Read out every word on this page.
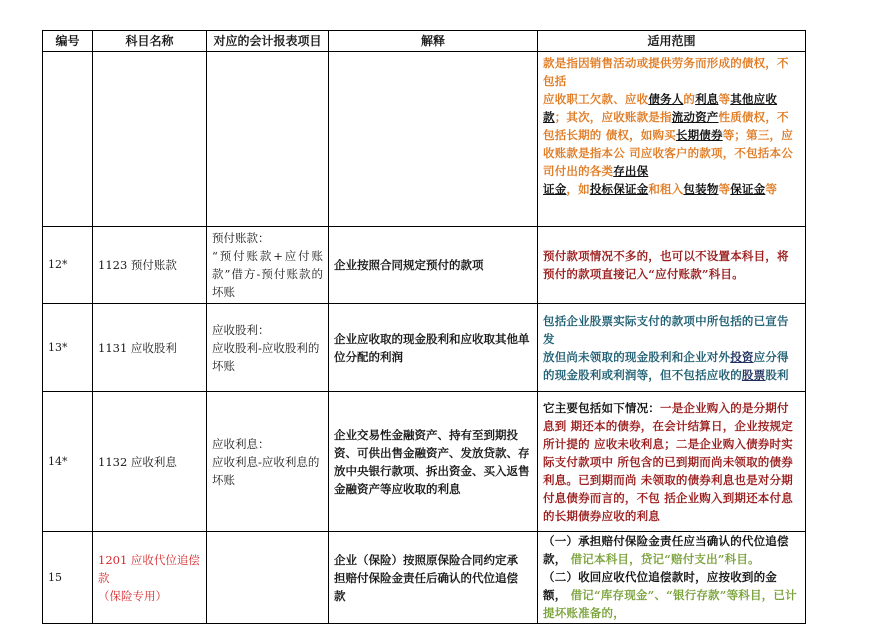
编号	科目名称	对应的会计报表项目	解释	适用范围
				款是指因销售活动或提供劳务而形成的债权，不包括
应收职工欠款、应收债务人的利息等其他应收款；其次，应收账款是指流动资产性质债权，不包括长期的 债权，如购买长期债券等；第三，应收账款是指本公 司应收客户的款项，不包括本公司付出的各类存出保
证金，如投标保证金和租入包装物等保证金等
12*	1123 预付账款	预付账款：
“预付账款+应付账款”借方-预付账款的坏账	企业按照合同规定预付的款项	预付款项情况不多的，也可以不设置本科目，将 预付的款项直接记入“应付账款”科目。
13*	1131 应收股利	应收股利：
应收股利-应收股利的 坏账	企业应收取的现金股利和应收取其他单位分配的利润	包括企业股票实际支付的款项中所包括的已宣告发
放但尚未领取的现金股利和企业对外投资应分得的现金股利或利润等，但不包括应收的股票股利
14*	1132 应收利息	应收利息：
应收利息-应收利息的 坏账	企业交易性金融资产、持有至到期投资、可供出售金融资产、发放贷款、存放中央银行款项、拆出资金、买入返售金融资产等应收取的利息	它主要包括如下情况：一是企业购入的是分期付息到 期还本的债券，在会计结算日，企业按规定所计提的 应收未收利息；二是企业购入债券时实际支付款项中 所包含的已到期而尚未领取的债券利息。已到期而尚 未领取的债券利息也是对分期付息债券而言的，不包 括企业购入到期还本付息的长期债券应收的利息
15	1201 应收代位追偿款
（保险专用）		企业（保险）按照原保险合同约定承 担赔付保险金责任后确认的代位追偿 款	（一）承担赔付保险金责任应当确认的代位追偿款， 借记本科目，贷记“赔付支出”科目。
（二）收回应收代位追偿款时，应按收到的金额， 借记“库存现金”、“银行存款”等科目，已计提坏账准备的，
